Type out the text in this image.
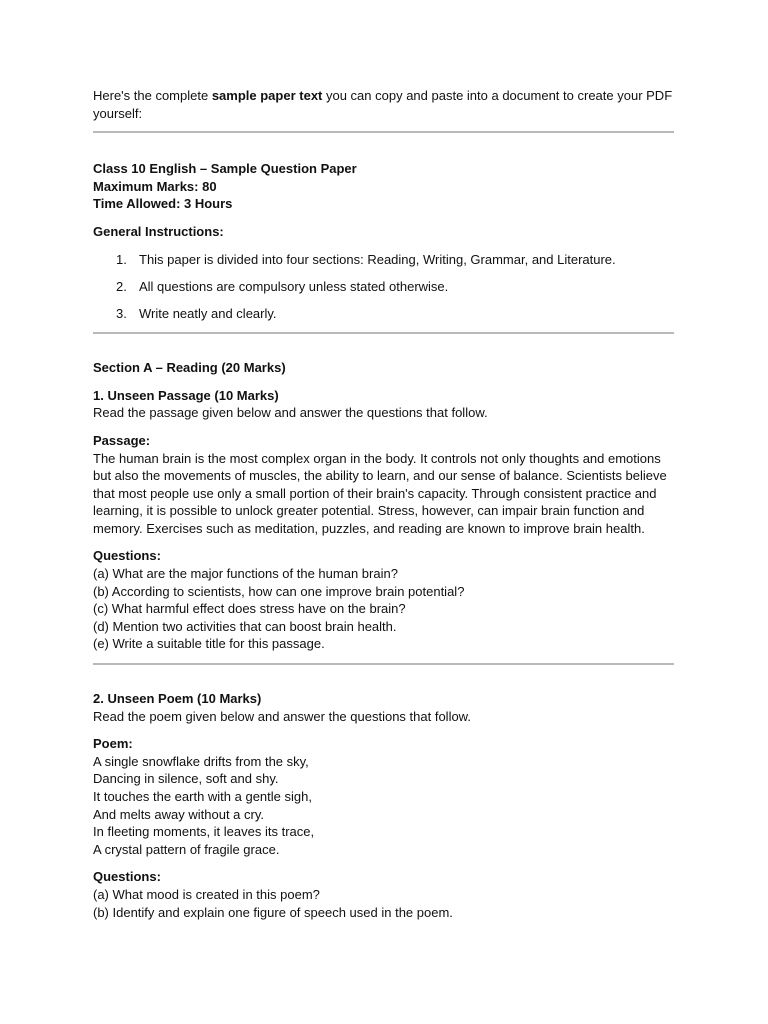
Here's the complete sample paper text you can copy and paste into a document to create your PDF yourself:

Class 10 English – Sample Question Paper

Maximum Marks: 80

Time Allowed: 3 Hours

General Instructions:

1. This paper is divided into four sections: Reading, Writing, Grammar, and Literature.
2. All questions are compulsory unless stated otherwise.
3. Write neatly and clearly.

Section A – Reading (20 Marks)

1. Unseen Passage (10 Marks)

Read the passage given below and answer the questions that follow.

Passage:

The human brain is the most complex organ in the body. It controls not only thoughts and emotions but also the movements of muscles, the ability to learn, and our sense of balance. Scientists believe that most people use only a small portion of their brain's capacity. Through consistent practice and learning, it is possible to unlock greater potential. Stress, however, can impair brain function and memory. Exercises such as meditation, puzzles, and reading are known to improve brain health.

Questions:

(a) What are the major functions of the human brain?

(b) According to scientists, how can one improve brain potential?

(c) What harmful effect does stress have on the brain?

(d) Mention two activities that can boost brain health.

(e) Write a suitable title for this passage.

2. Unseen Poem (10 Marks)

Read the poem given below and answer the questions that follow.

Poem:

A single snowflake drifts from the sky,

Dancing in silence, soft and shy.

It touches the earth with a gentle sigh,

And melts away without a cry.

In fleeting moments, it leaves its trace,

A crystal pattern of fragile grace.

Questions:

(a) What mood is created in this poem?

(b) Identify and explain one figure of speech used in the poem.
